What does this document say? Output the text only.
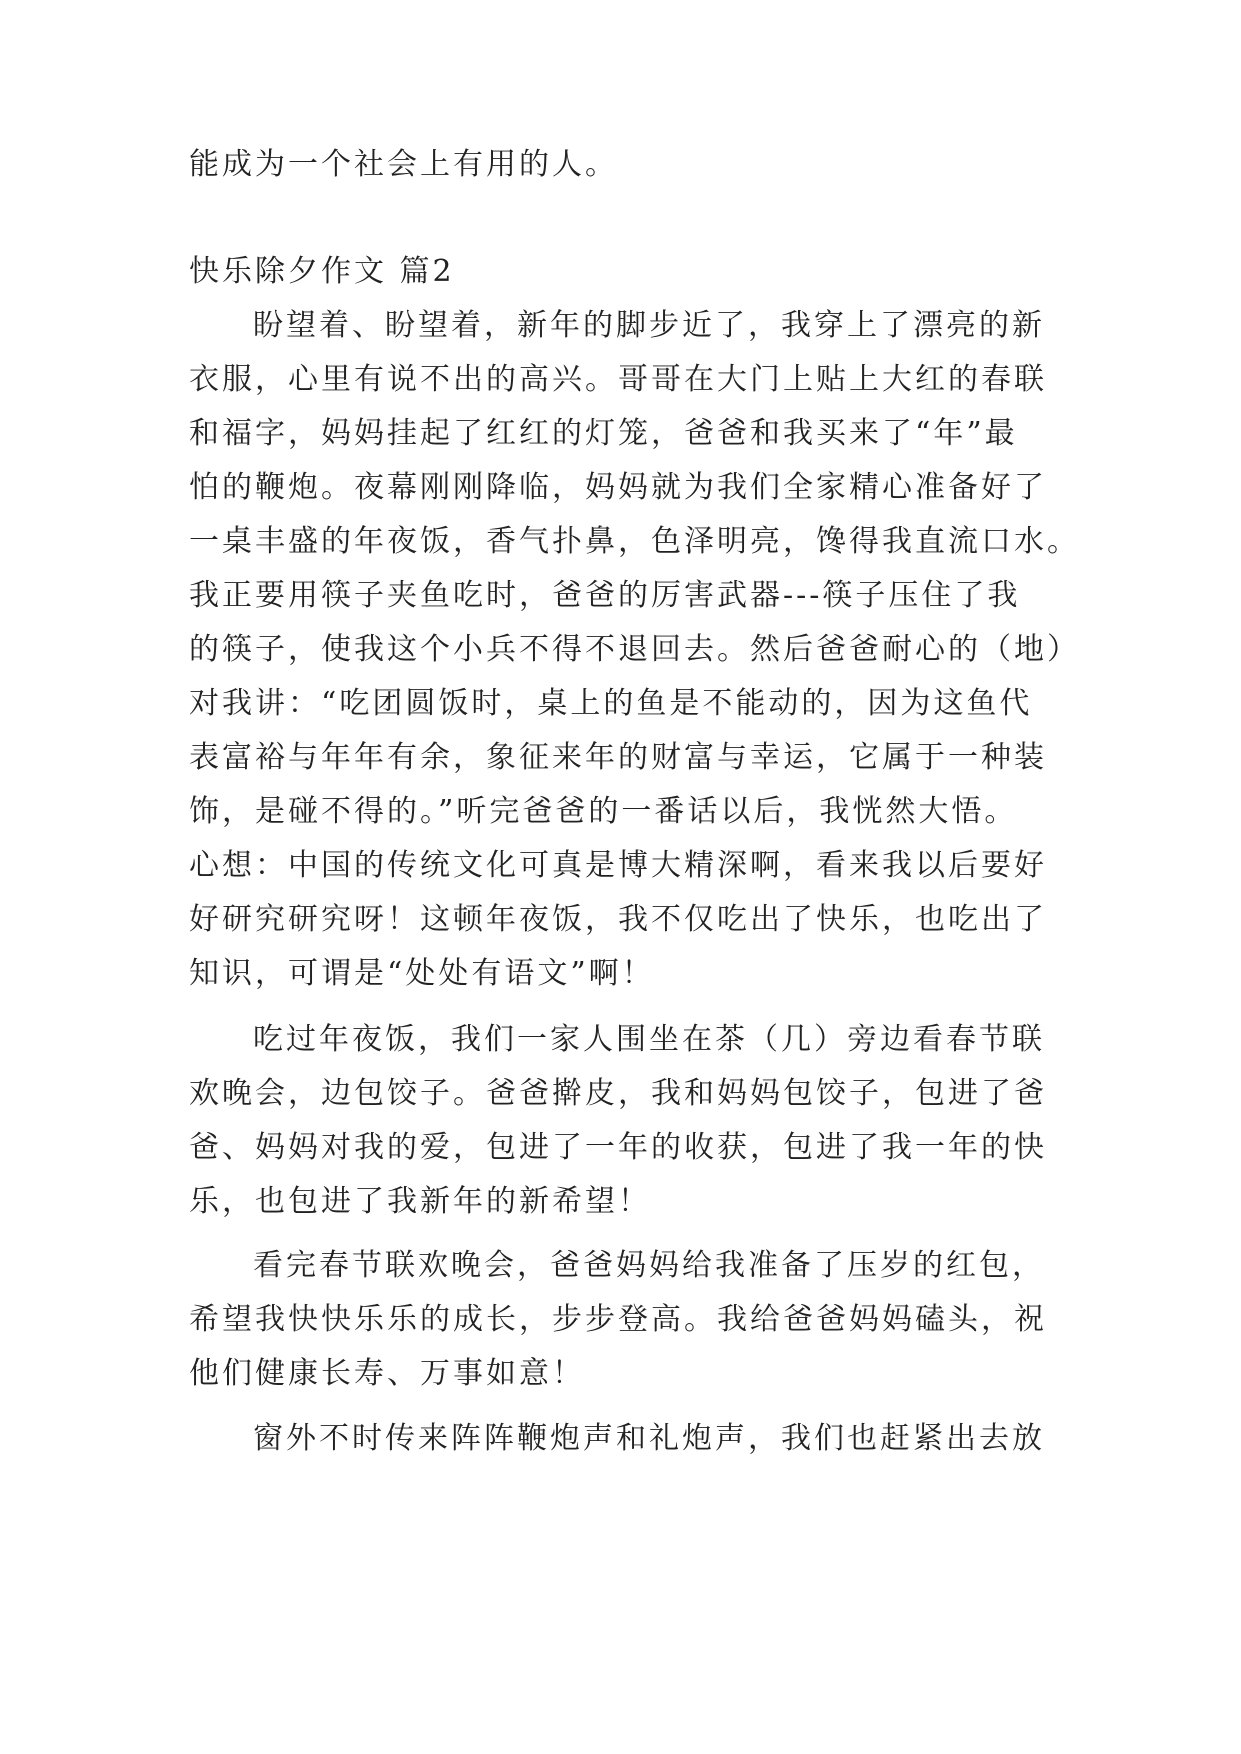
能成为一个社会上有用的人。

快乐除夕作文 篇2

盼望着、盼望着，新年的脚步近了，我穿上了漂亮的新

衣服，心里有说不出的高兴。哥哥在大门上贴上大红的春联

和福字，妈妈挂起了红红的灯笼，爸爸和我买来了“年”最

怕的鞭炮。夜幕刚刚降临，妈妈就为我们全家精心准备好了

一桌丰盛的年夜饭，香气扑鼻，色泽明亮，馋得我直流口水。

我正要用筷子夹鱼吃时，爸爸的厉害武器---筷子压住了我

的筷子，使我这个小兵不得不退回去。然后爸爸耐心的（地）

对我讲：“吃团圆饭时，桌上的鱼是不能动的，因为这鱼代

表富裕与年年有余，象征来年的财富与幸运，它属于一种装

饰，是碰不得的。”听完爸爸的一番话以后，我恍然大悟。

心想：中国的传统文化可真是博大精深啊，看来我以后要好

好研究研究呀！这顿年夜饭，我不仅吃出了快乐，也吃出了

知识，可谓是“处处有语文”啊！

吃过年夜饭，我们一家人围坐在茶（几）旁边看春节联

欢晚会，边包饺子。爸爸擀皮，我和妈妈包饺子，包进了爸

爸、妈妈对我的爱，包进了一年的收获，包进了我一年的快

乐，也包进了我新年的新希望！

看完春节联欢晚会，爸爸妈妈给我准备了压岁的红包，

希望我快快乐乐的成长，步步登高。我给爸爸妈妈磕头，祝

他们健康长寿、万事如意！

窗外不时传来阵阵鞭炮声和礼炮声，我们也赶紧出去放
